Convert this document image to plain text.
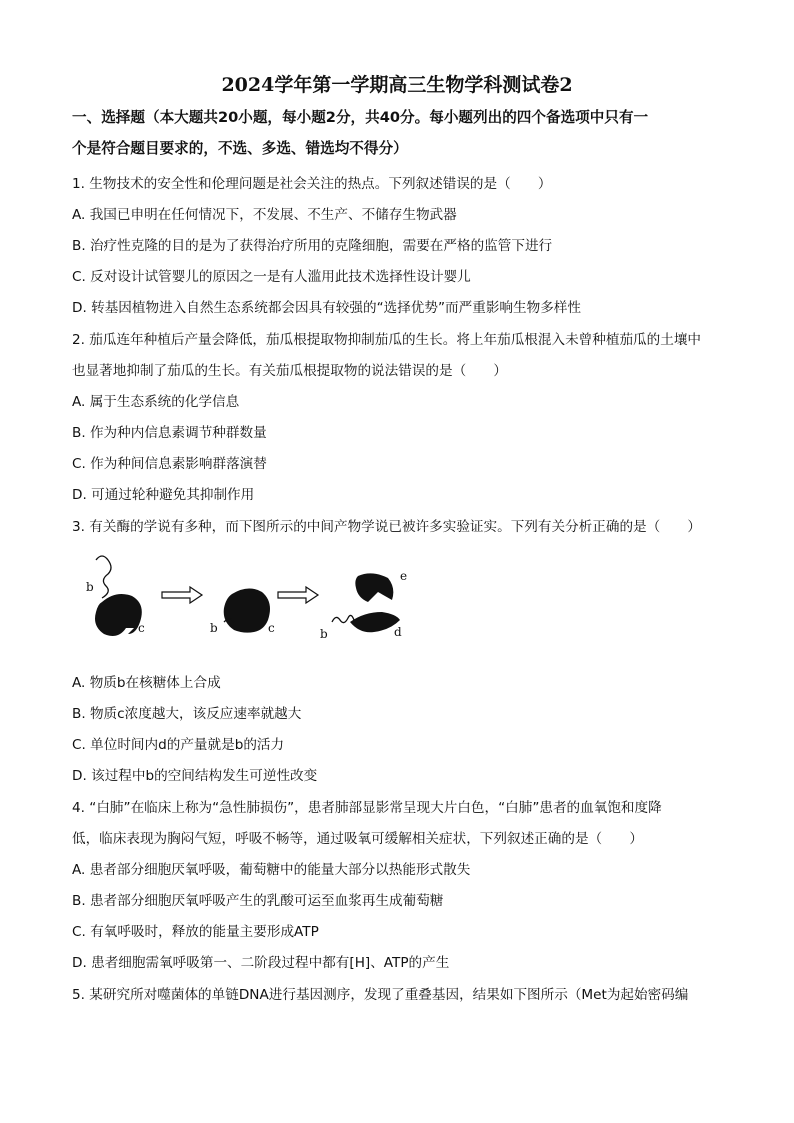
2024学年第一学期高三生物学科测试卷2
一、选择题（本大题共20小题，每小题2分，共40分。每小题列出的四个备选项中只有一
个是符合题目要求的，不选、多选、错选均不得分）
1. 生物技术的安全性和伦理问题是社会关注的热点。下列叙述错误的是（　　）
A. 我国已申明在任何情况下，不发展、不生产、不储存生物武器
B. 治疗性克隆的目的是为了获得治疗所用的克隆细胞，需要在严格的监管下进行
C. 反对设计试管婴儿的原因之一是有人滥用此技术选择性设计婴儿
D. 转基因植物进入自然生态系统都会因具有较强的“选择优势”而严重影响生物多样性
2. 茄瓜连年种植后产量会降低，茄瓜根提取物抑制茄瓜的生长。将上年茄瓜根混入未曾种植茄瓜的土壤中
也显著地抑制了茄瓜的生长。有关茄瓜根提取物的说法错误的是（　　）
A. 属于生态系统的化学信息
B. 作为种内信息素调节种群数量
C. 作为种间信息素影响群落演替
D. 可通过轮种避免其抑制作用
3. 有关酶的学说有多种，而下图所示的中间产物学说已被许多实验证实。下列有关分析正确的是（　　）
b
c	b	c
e
d
b
A. 物质b在核糖体上合成
B. 物质c浓度越大，该反应速率就越大
C. 单位时间内d的产量就是b的活力
D. 该过程中b的空间结构发生可逆性改变
4. “白肺”在临床上称为“急性肺损伤”，患者肺部显影常呈现大片白色，“白肺”患者的血氧饱和度降
低，临床表现为胸闷气短，呼吸不畅等，通过吸氧可缓解相关症状，下列叙述正确的是（　　）
A. 患者部分细胞厌氧呼吸，葡萄糖中的能量大部分以热能形式散失
B. 患者部分细胞厌氧呼吸产生的乳酸可运至血浆再生成葡萄糖
C. 有氧呼吸时，释放的能量主要形成ATP
D. 患者细胞需氧呼吸第一、二阶段过程中都有[H]、ATP的产生
5. 某研究所对噬菌体的单链DNA进行基因测序，发现了重叠基因，结果如下图所示（Met为起始密码编
